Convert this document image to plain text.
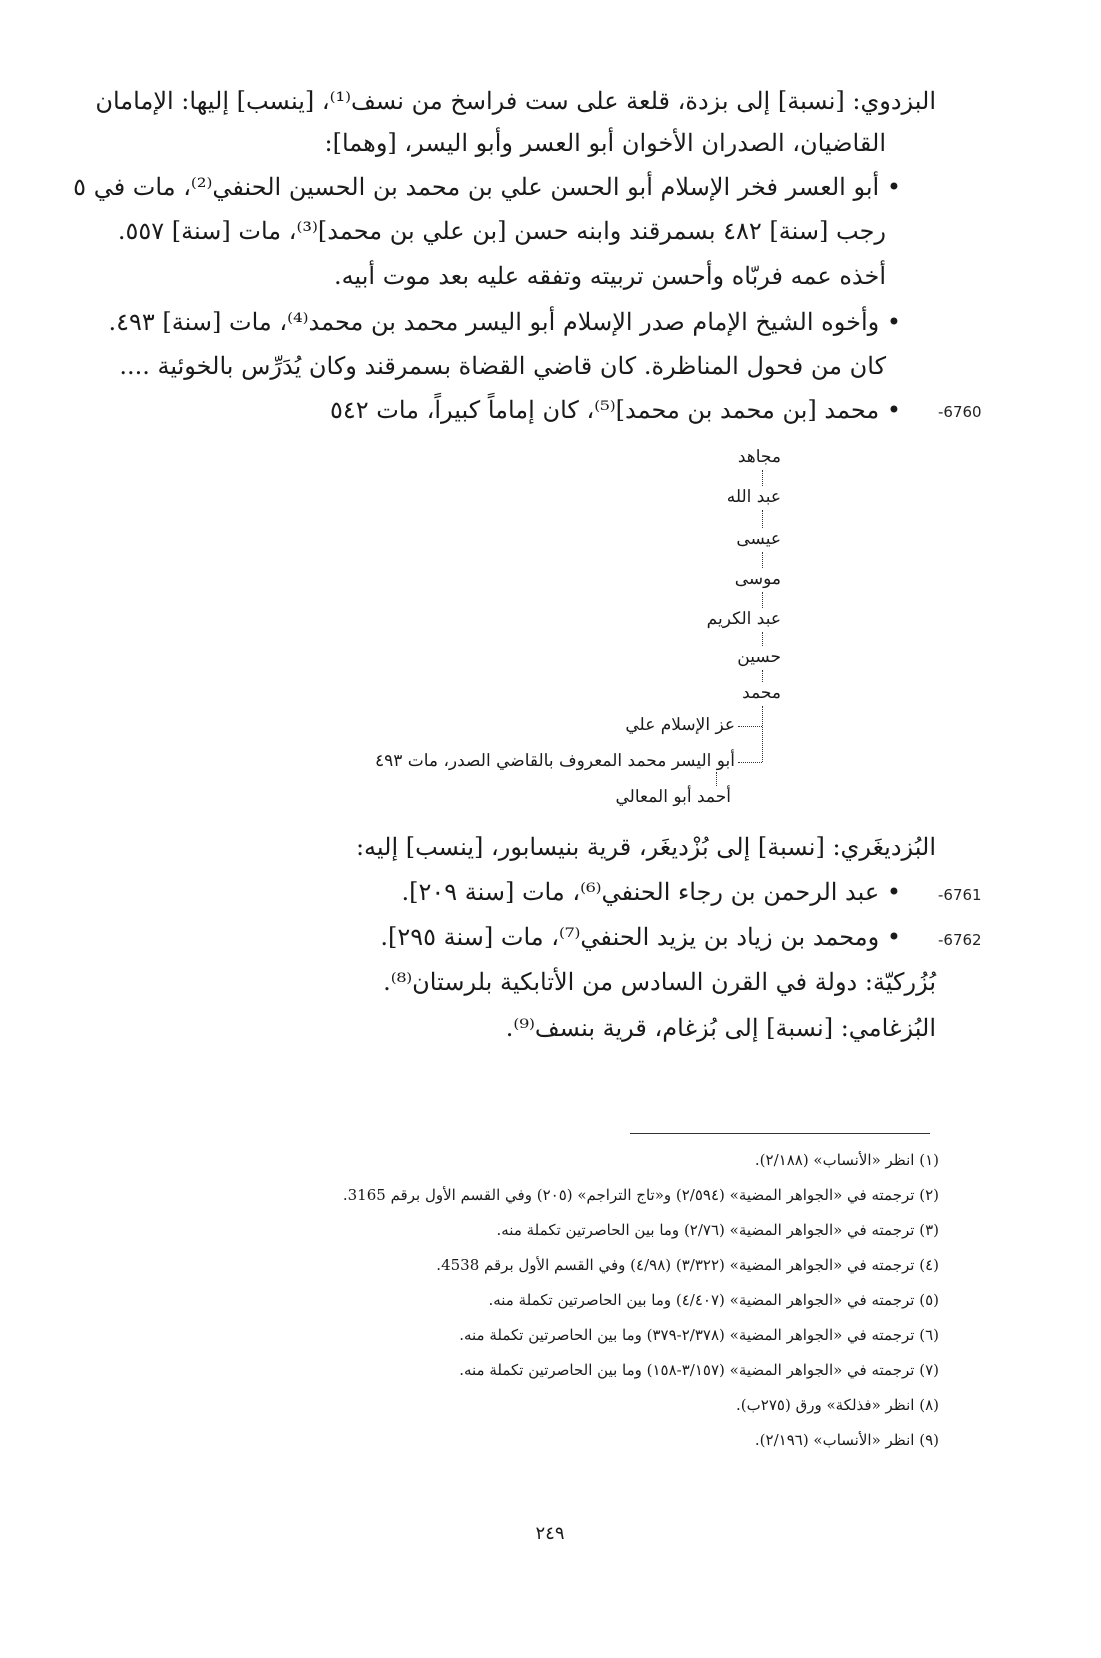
البزدوي: [نسبة] إلى بزدة، قلعة على ست فراسخ من نسف⁽¹⁾، [ينسب] إليها: الإمامان
القاضيان، الصدران الأخوان أبو العسر وأبو اليسر، [وهما]:
• أبو العسر فخر الإسلام أبو الحسن علي بن محمد بن الحسين الحنفي⁽²⁾، مات في ٥
رجب [سنة] ٤٨٢ بسمرقند وابنه حسن [بن علي بن محمد]⁽³⁾، مات [سنة] ٥٥٧.
أخذه عمه فربّاه وأحسن تربيته وتفقه عليه بعد موت أبيه.
• وأخوه الشيخ الإمام صدر الإسلام أبو اليسر محمد بن محمد⁽⁴⁾، مات [سنة] ٤٩٣.
كان من فحول المناظرة. كان قاضي القضاة بسمرقند وكان يُدَرِّس بالخوئية ....
• محمد [بن محمد بن محمد]⁽⁵⁾، كان إماماً كبيراً، مات ٥٤٢ -6760
مجاهد
عبد الله
عيسى
موسى
عبد الكريم
حسين
محمد
عز الإسلام علي
أبو اليسر محمد المعروف بالقاضي الصدر، مات ٤٩٣
أحمد أبو المعالي
البُزديغَري: [نسبة] إلى بُزْديغَر، قرية بنيسابور، [ينسب] إليه:
• عبد الرحمن بن رجاء الحنفي⁽⁶⁾، مات [سنة ٢٠٩]. -6761
• ومحمد بن زياد بن يزيد الحنفي⁽⁷⁾، مات [سنة ٢٩٥]. -6762
بُزُركيّة: دولة في القرن السادس من الأتابكية بلرستان⁽⁸⁾.
البُزغامي: [نسبة] إلى بُزغام، قرية بنسف⁽⁹⁾.
(١) انظر «الأنساب» (٢/١٨٨).
(٢) ترجمته في «الجواهر المضية» (٢/٥٩٤) و«تاج التراجم» (٢٠٥) وفي القسم الأول برقم 3165.
(٣) ترجمته في «الجواهر المضية» (٢/٧٦) وما بين الحاصرتين تكملة منه.
(٤) ترجمته في «الجواهر المضية» (٣/٣٢٢) (٤/٩٨) وفي القسم الأول برقم 4538.
(٥) ترجمته في «الجواهر المضية» (٤/٤٠٧) وما بين الحاصرتين تكملة منه.
(٦) ترجمته في «الجواهر المضية» (٢/٣٧٨-٣٧٩) وما بين الحاصرتين تكملة منه.
(٧) ترجمته في «الجواهر المضية» (٣/١٥٧-١٥٨) وما بين الحاصرتين تكملة منه.
(٨) انظر «فذلكة» ورق (٢٧٥ب).
(٩) انظر «الأنساب» (٢/١٩٦).
٢٤٩
